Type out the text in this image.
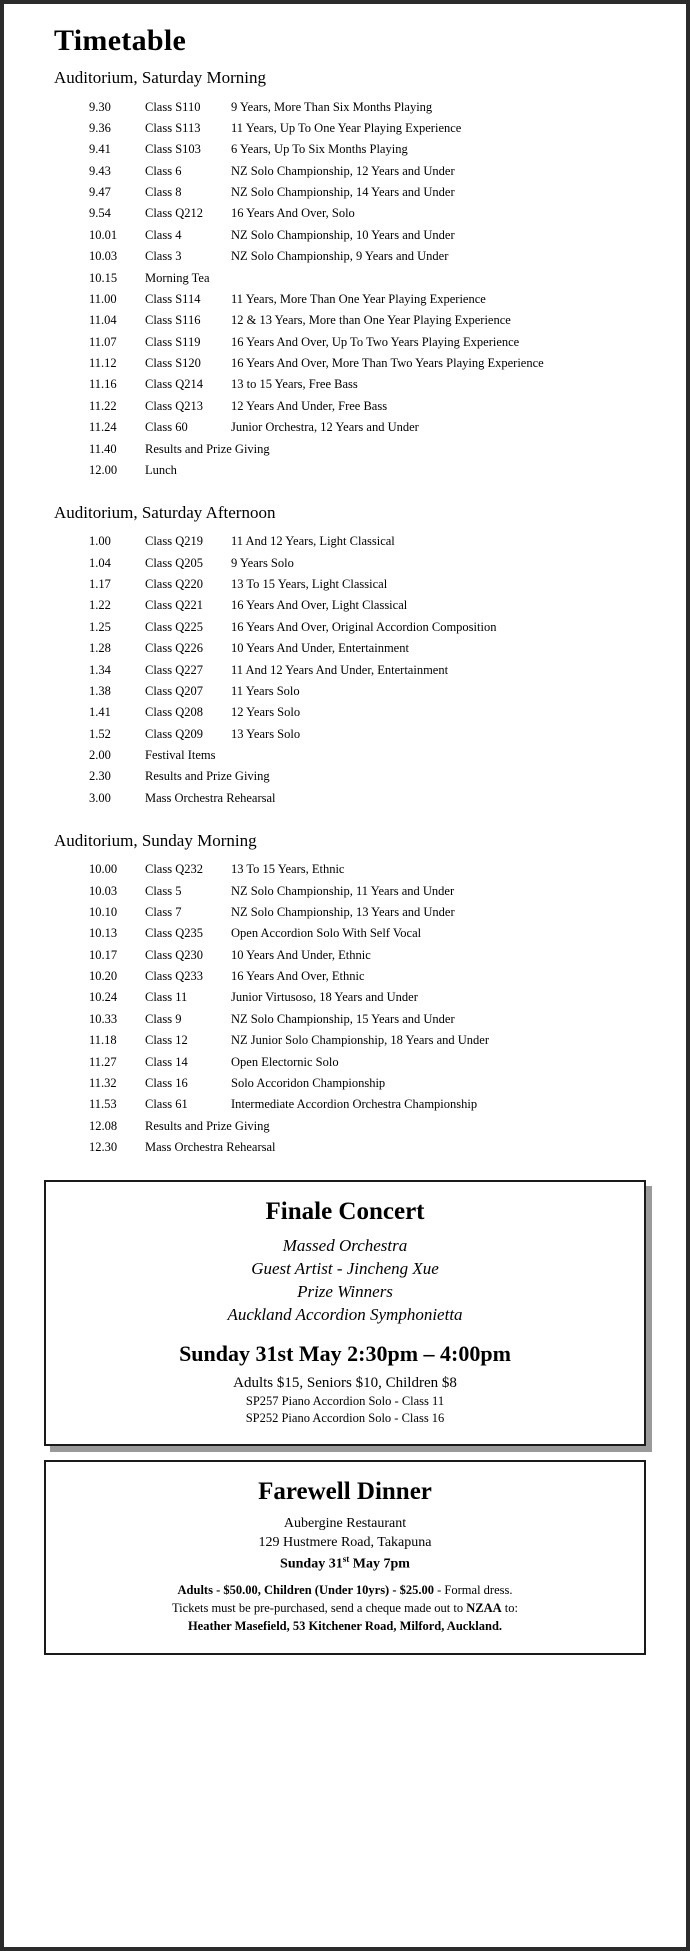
Timetable
Auditorium, Saturday Morning
9.30	Class S110	9 Years, More Than Six Months Playing
9.36	Class S113	11 Years, Up To One Year Playing Experience
9.41	Class S103	6 Years, Up To Six Months Playing
9.43	Class 6	NZ Solo Championship, 12 Years and Under
9.47	Class 8	NZ Solo Championship, 14 Years and Under
9.54	Class Q212	16 Years And Over, Solo
10.01	Class 4	NZ Solo Championship, 10 Years and Under
10.03	Class 3	NZ Solo Championship, 9 Years and Under
10.15	Morning Tea	
11.00	Class S114	11 Years, More Than One Year Playing Experience
11.04	Class S116	12 & 13 Years, More than One Year Playing Experience
11.07	Class S119	16 Years And Over, Up To Two Years Playing Experience
11.12	Class S120	16 Years And Over, More Than Two Years Playing Experience
11.16	Class Q214	13 to 15 Years, Free Bass
11.22	Class Q213	12 Years And Under, Free Bass
11.24	Class 60	Junior Orchestra, 12 Years and Under
11.40	Results and Prize Giving	
12.00	Lunch	
Auditorium, Saturday Afternoon
1.00	Class Q219	11 And 12 Years, Light Classical
1.04	Class Q205	9 Years Solo
1.17	Class Q220	13 To 15 Years, Light Classical
1.22	Class Q221	16 Years And Over, Light Classical
1.25	Class Q225	16 Years And Over, Original Accordion Composition
1.28	Class Q226	10 Years And Under, Entertainment
1.34	Class Q227	11 And 12 Years And Under, Entertainment
1.38	Class Q207	11 Years Solo
1.41	Class Q208	12 Years Solo
1.52	Class Q209	13 Years Solo
2.00	Festival Items	
2.30	Results and Prize Giving	
3.00	Mass Orchestra Rehearsal	
Auditorium, Sunday Morning
10.00	Class Q232	13 To 15 Years, Ethnic
10.03	Class 5	NZ Solo Championship, 11 Years and Under
10.10	Class 7	NZ Solo Championship, 13 Years and Under
10.13	Class Q235	Open Accordion Solo With Self Vocal
10.17	Class Q230	10 Years And Under, Ethnic
10.20	Class Q233	16 Years And Over, Ethnic
10.24	Class 11	Junior Virtusoso, 18 Years and Under
10.33	Class 9	NZ Solo Championship, 15 Years and Under
11.18	Class 12	NZ Junior Solo Championship, 18 Years and Under
11.27	Class 14	Open Electornic Solo
11.32	Class 16	Solo Accoridon Championship
11.53	Class 61	Intermediate Accordion Orchestra Championship
12.08	Results and Prize Giving	
12.30	Mass Orchestra Rehearsal	
Finale Concert
Massed Orchestra
Guest Artist - Jincheng Xue
Prize Winners
Auckland Accordion Symphonietta
Sunday 31st May 2:30pm – 4:00pm
Adults $15, Seniors $10, Children $8
SP257 Piano Accordion Solo - Class 11
SP252 Piano Accordion Solo - Class 16
Farewell Dinner
Aubergine Restaurant
129 Hustmere Road, Takapuna
Sunday 31st May 7pm
Adults - $50.00, Children (Under 10yrs) - $25.00 - Formal dress.
Tickets must be pre-purchased, send a cheque made out to NZAA to:
Heather Masefield, 53 Kitchener Road, Milford, Auckland.
